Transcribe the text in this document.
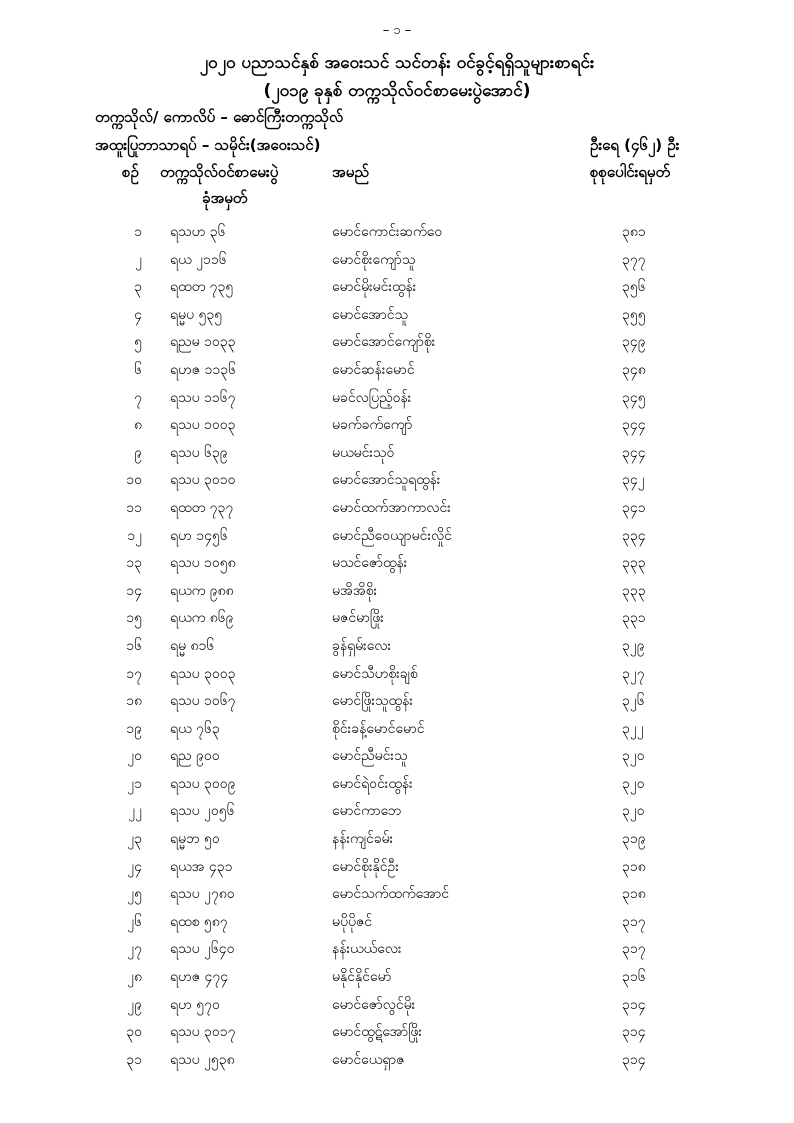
– ၁ –
၂၀၂၀ ပညာသင်နှစ် အဝေးသင် သင်တန်း ဝင်ခွင့်ရရှိသူများစာရင်း
(၂၀၁၉ ခုနှစ် တက္ကသိုလ်ဝင်စာမေးပွဲအောင်)
တက္ကသိုလ်/ ကောလိပ် – ဓောင်ကြီးတက္ကသိုလ်
အထူးပြုဘာသာရပ် – သမိုင်း(အဝေးသင်)	ဦးရေ (၄၆၂) ဦး
စဉ် တက္ကသိုလ်ဝင်စာမေးပွဲ
ခုံအမှတ်
အမည်	စုစုပေါင်းရမှတ်
၁ ရသဟ ၃၆	မောင်ကောင်းဆက်ဝေ	၃၈၁
၂ ရယ ၂၁၁၆	မောင်စိုးကျော်သူ	၃၇၇
၃ ရထတ ၇၃၅	မောင်မိုးမင်းထွန်း	၃၅၆
၄ ရမ္မပ ၅၃၅	မောင်အောင်သူ	၃၅၅
၅ ရညမ ၁၀၃၃	မောင်အောင်ကျော်စိုး	၃၄၉
၆ ရဟဇ ၁၁၃၆	မောင်ဆန်းမောင်	၃၄၈
၇ ရသပ ၁၁၆၇	မခင်လပြည့်ဝန်း	၃၄၅
၈ ရသပ ၁၀၀၃	မခက်ခက်ကျော်	၃၄၄
၉ ရသပ ၆၃၉	မယမင်းသုဝ်	၃၄၄
၁၀ ရသပ ၃၀၁၀	မောင်အောင်သူရထွန်း	၃၄၂
၁၁ ရထတ ၇၃၇	မောင်ထက်အာကာလင်း	၃၄၁
၁၂ ရဟ ၁၄၅၆	မောင်ညီဝေယျာမင်းလှိုင်	၃၃၄
၁၃ ရသပ ၁၀၅၈	မသင်ဇော်ထွန်း	၃၃၃
၁၄ ရယက ၉၈၈	မအိအိစိုး	၃၃၃
၁၅ ရယက ၈၆၉	မဇင်မာဖြိုး	၃၃၁
၁၆ ရမ္မ ၈၁၆	ခွန်ရှမ်းလေး	၃၂၉
၁၇ ရသပ ၃၀၀၃	မောင်သီဟစိုးချစ်	၃၂၇
၁၈ ရသပ ၁၀၆၇	မောင်ဖြိုးသူထွန်း	၃၂၆
၁၉ ရယ ၇၆၃	စိုင်းခန့်မောင်မောင်	၃၂၂
၂၀ ရည ၉၀၀	မောင်ညီမင်းသူ	၃၂၀
၂၁ ရသပ ၃၀၀၉	မောင်ရဲဝင်းထွန်း	၃၂၀
၂၂ ရသပ ၂၀၅၆	မောင်ကာဘေ	၃၂၀
၂၃ ရမ္မဘ ၅၀	နန်းကျင်ခမ်း	၃၁၉
၂၄ ရယအ ၄၃၁	မောင်စိုးနိုင်ဦး	၃၁၈
၂၅ ရသပ ၂၇၈၀	မောင်သက်ထက်အောင်	၃၁၈
၂၆ ရထစ ၅၈၇	မပိုပိုဇင်	၃၁၇
၂၇ ရသပ ၂၆၄၀	နန်းယယ်လေး	၃၁၇
၂၈ ရဟဇ ၄၇၄	မနိုင်နိုင်မော်	၃၁၆
၂၉ ရဟ ၅၇၀	မောင်ဇော်လွင်မိုး	၃၁၄
၃၀ ရသပ ၃၀၁၇	မောင်ထွဋ်အော်ဖြိုး	၃၁၄
၃၁ ရသပ ၂၅၃၈	မောင်ယေရှာဇ	၃၁၄
